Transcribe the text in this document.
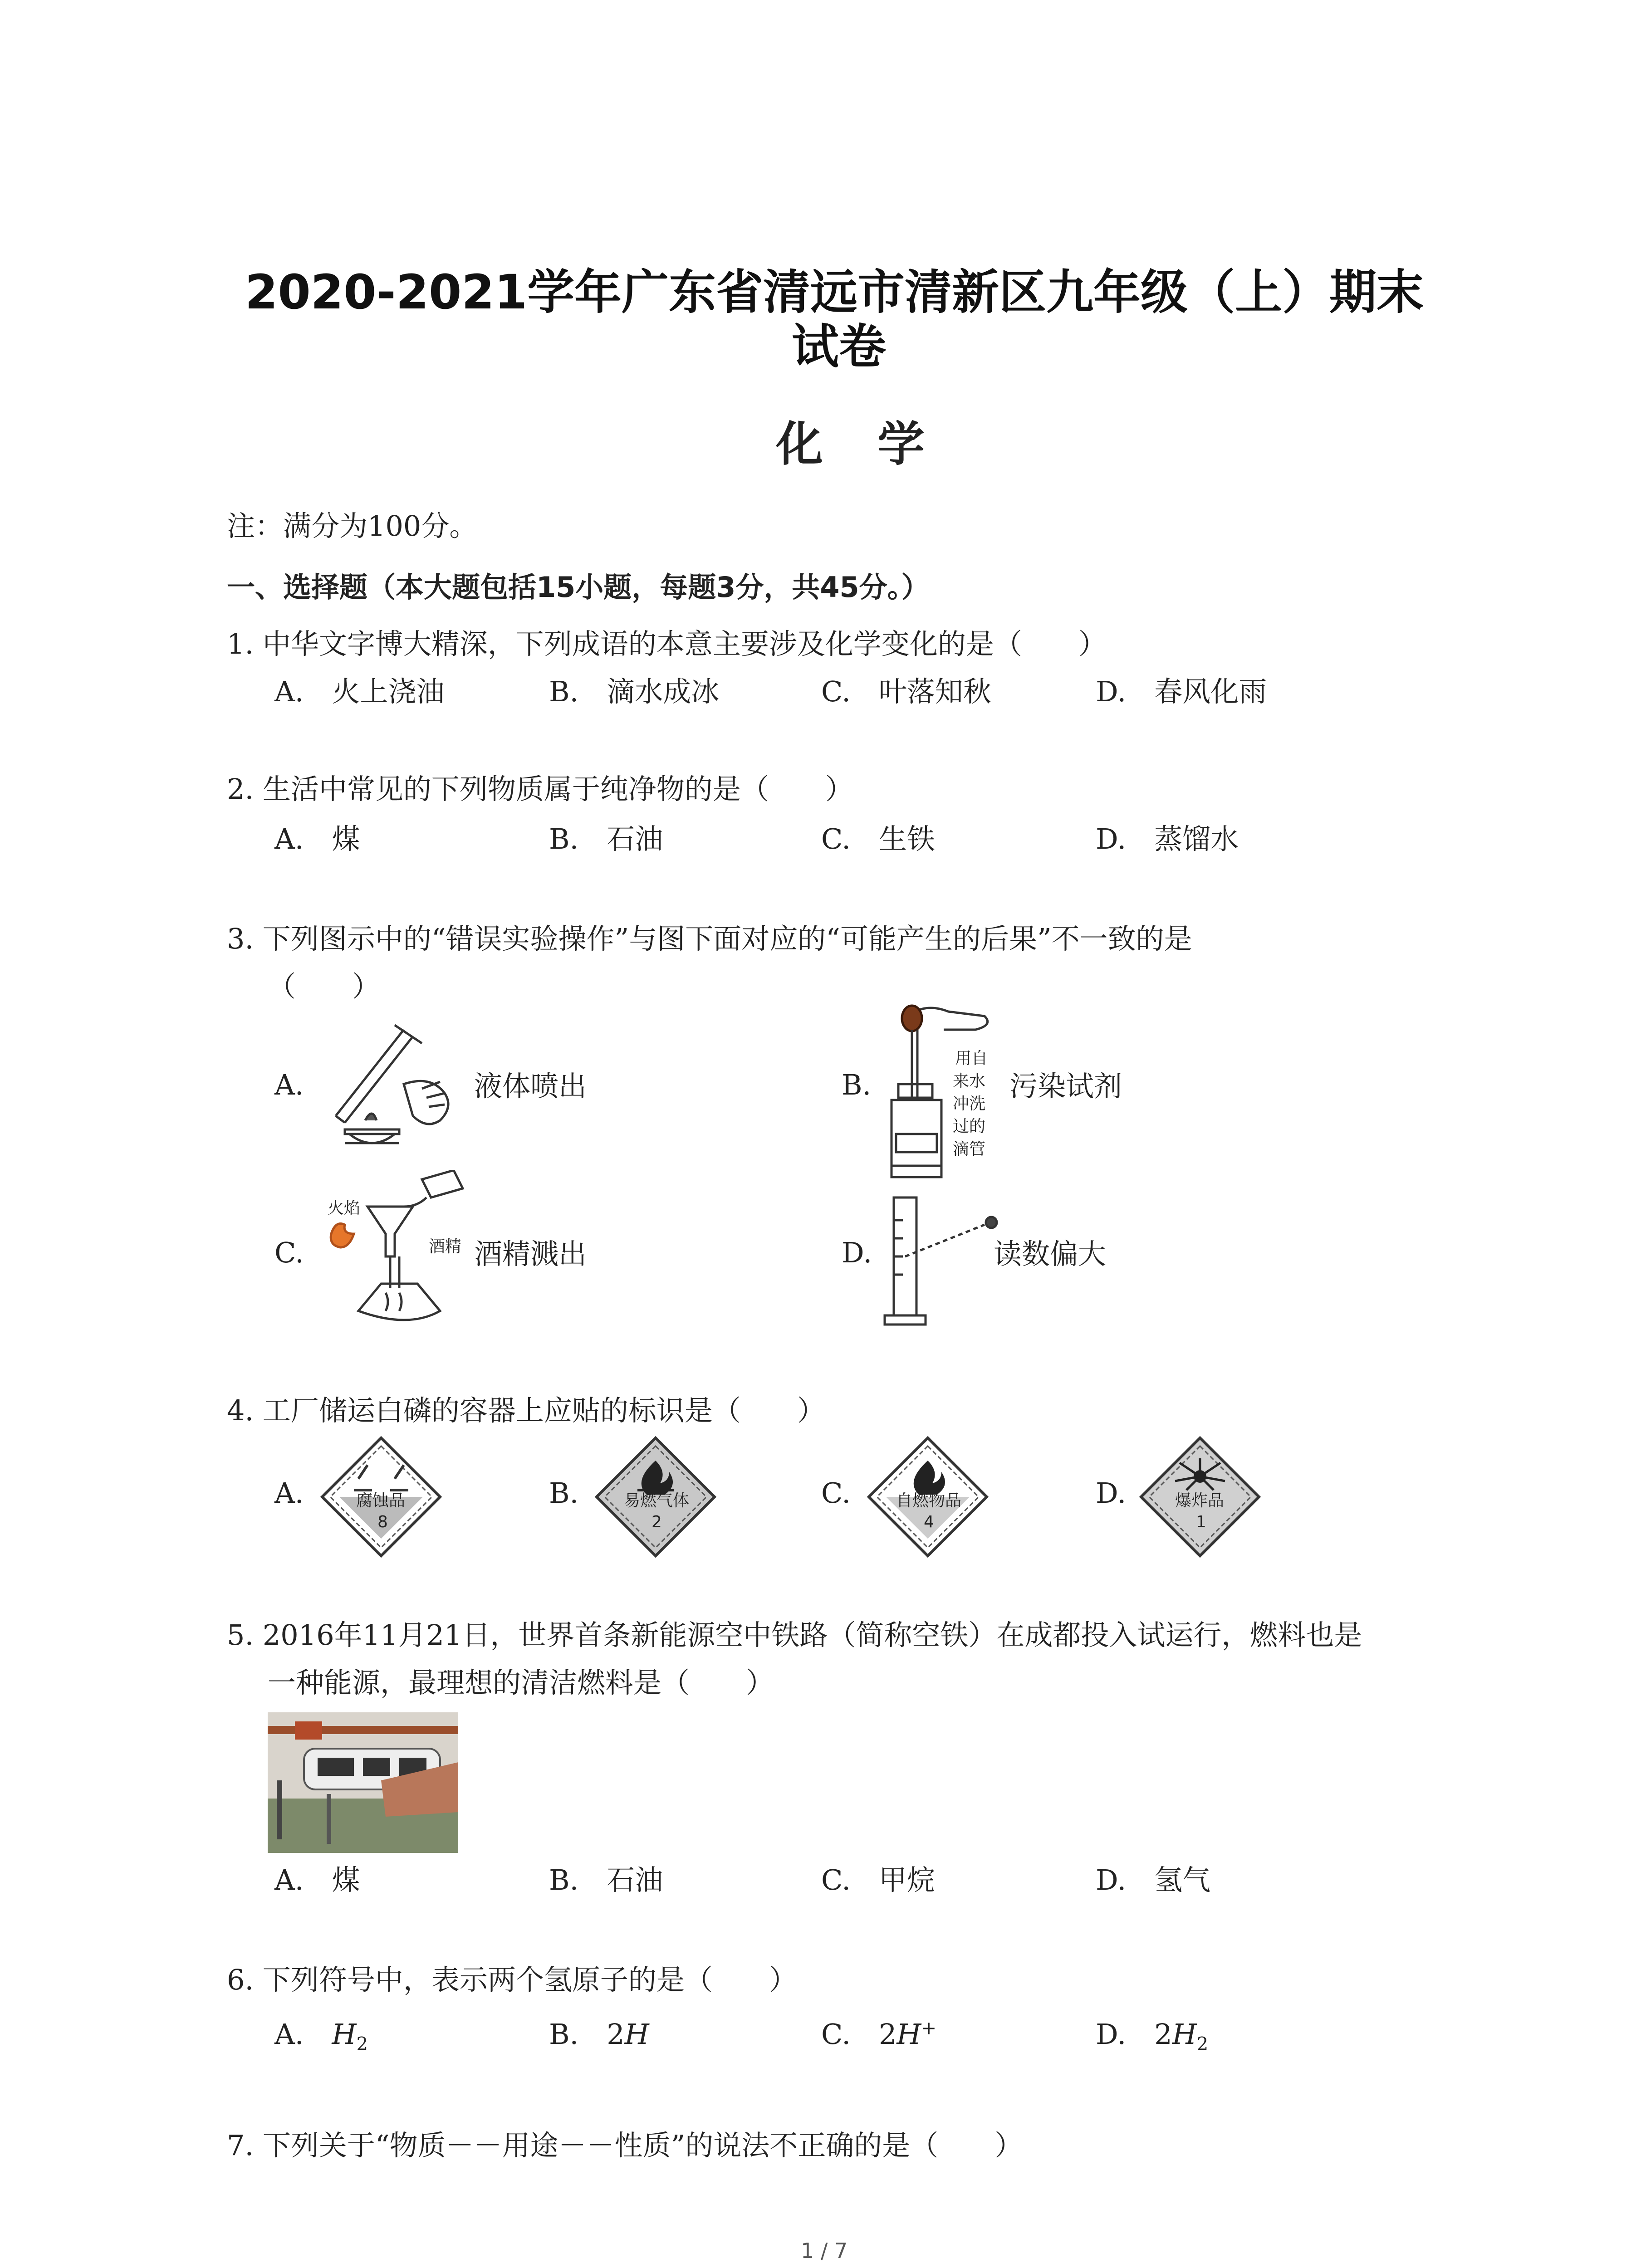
2020-2021学年广东省清远市清新区九年级（上）期末
试卷
化学
注：满分为100分。
一、选择题（本大题包括15小题，每题3分，共45分。）
1. 中华文字博大精深，下列成语的本意主要涉及化学变化的是（　　）
A.　火上浇油	B.　滴水成冰	C.　叶落知秋	D.　春风化雨
2. 生活中常见的下列物质属于纯净物的是（　　）
A.　煤	B.　石油	C.　生铁	D.　蒸馏水
3. 下列图示中的“错误实验操作”与图下面对应的“可能产生的后果”不一致的是
（　　）
A.	液体喷出	B.
用自
来水
冲洗
过的
滴管
污染试剂
C.
火焰
酒精 酒精溅出	D.	读数偏大
4. 工厂储运白磷的容器上应贴的标识是（　　）
A.	腐蚀品
8
B.	易燃气体
2
C.	自燃物品
4
D.	爆炸品
1
5. 2016年11月21日，世界首条新能源空中铁路（简称空铁）在成都投入试运行，燃料也是
一种能源，最理想的清洁燃料是（　　）
A.　煤	B.　石油	C.　甲烷	D.　氢气
6. 下列符号中，表示两个氢原子的是（　　）
A.　 $H_2$	B.　 2H	C.　 2H+	D.　 $2H_2$
7. 下列关于“物质－－用途－－性质”的说法不正确的是（　　）
1 / 7
